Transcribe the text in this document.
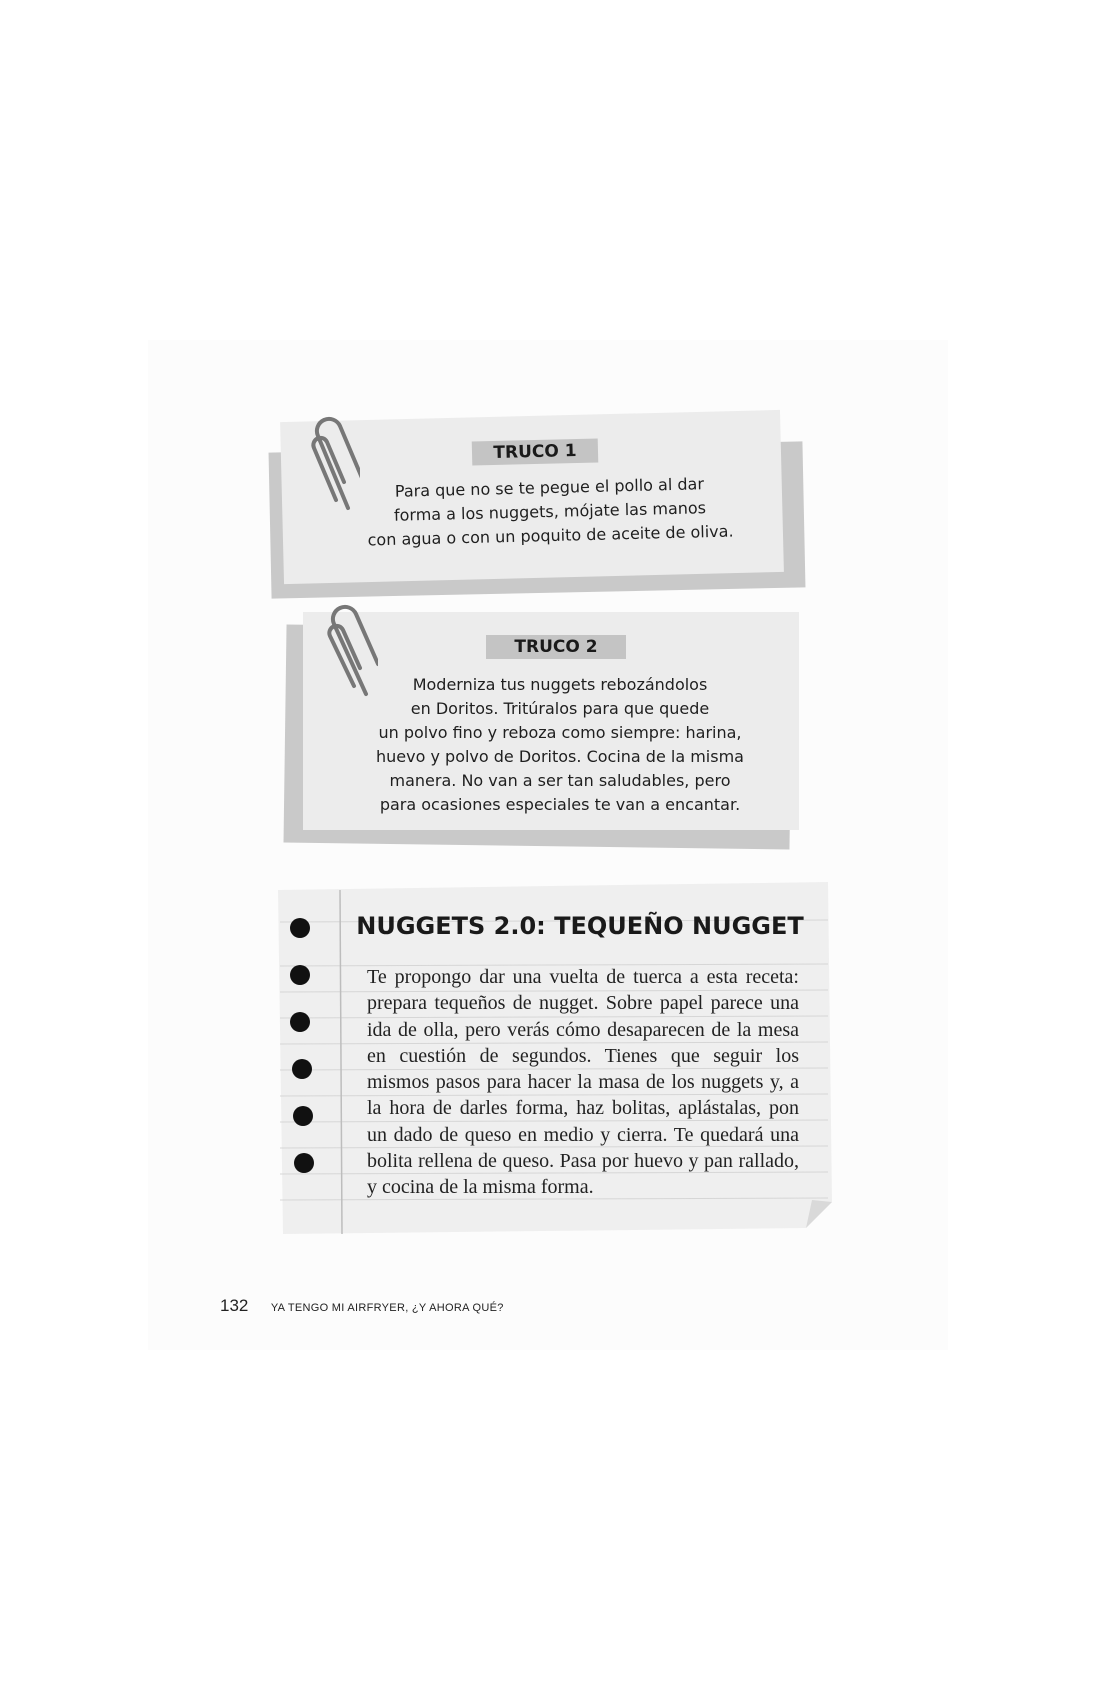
TRUCO 1
Para que no se te pegue el pollo al dar
forma a los nuggets, mójate las manos
con agua o con un poquito de aceite de oliva.
TRUCO 2
Moderniza tus nuggets rebozándolos
en Doritos. Tritúralos para que quede
un polvo fino y reboza como siempre: harina,
huevo y polvo de Doritos. Cocina de la misma
manera. No van a ser tan saludables, pero
para ocasiones especiales te van a encantar.
NUGGETS 2.0: TEQUEÑO NUGGET
Te propongo dar una vuelta de tuerca a esta receta: prepara tequeños de nugget. Sobre papel parece una ida de olla, pero verás cómo desaparecen de la mesa en cuestión de segundos. Tienes que seguir los mismos pasos para hacer la masa de los nuggets y, a la hora de darles forma, haz bolitas, aplástalas, pon un dado de queso en medio y cierra. Te quedará una bolita rellena de queso. Pasa por huevo y pan rallado, y cocina de la misma forma.
132 YA TENGO MI AIRFRYER, ¿Y AHORA QUÉ?
